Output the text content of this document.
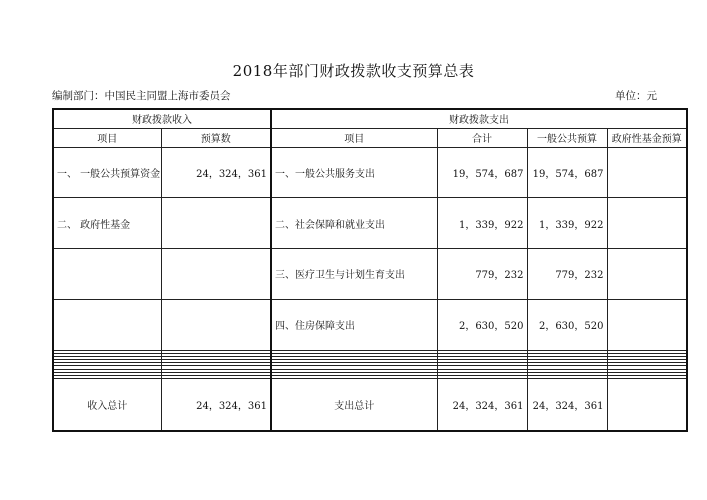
2018年部门财政拨款收支预算总表
编制部门：中国民主同盟上海市委员会	单位：元
财政拨款收入		财政拨款支出			
项目	预算数	项目	合计	一般公共预算	政府性基金预算
一、 一般公共预算资金	24，324，361	一、一般公共服务支出	19，574，687	19，574，687	
二、 政府性基金		二、社会保障和就业支出	1，339，922	1，339，922	
		三、医疗卫生与计划生育支出	779，232	779，232	
		四、住房保障支出	2，630，520	2，630，520	

收入总计	24，324，361	支出总计	24，324，361	24，324，361	
